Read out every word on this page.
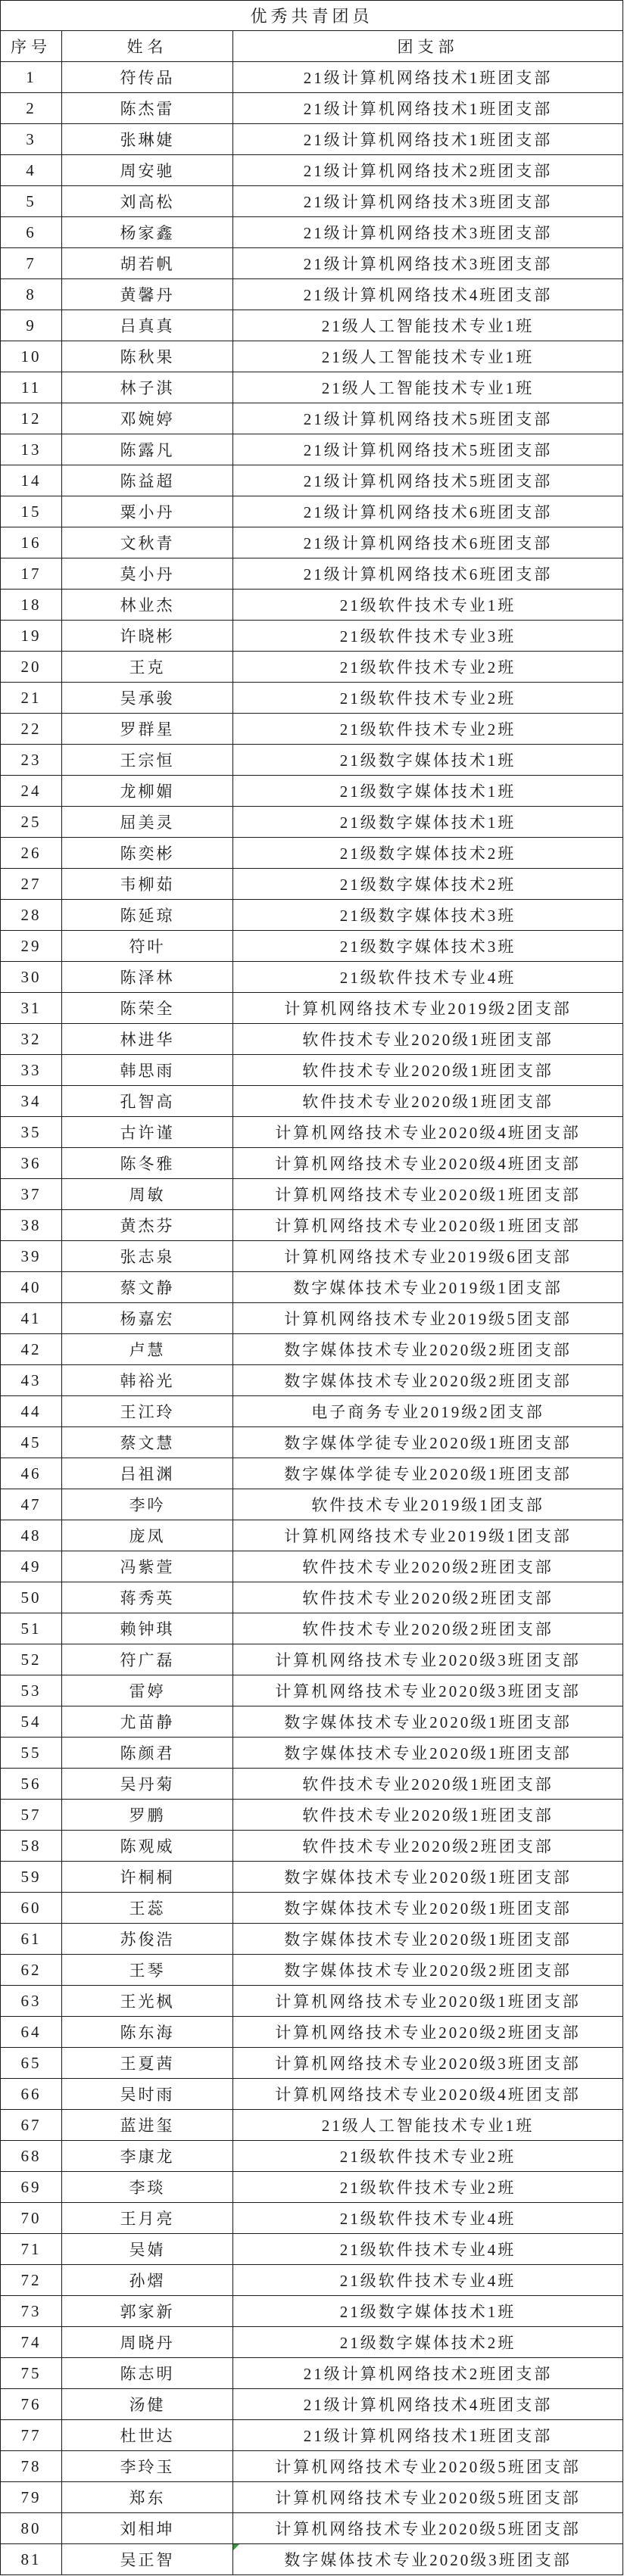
优秀共青团员		
序号	姓名	团支部
1	符传品	21级计算机网络技术1班团支部
2	陈杰雷	21级计算机网络技术1班团支部
3	张琳婕	21级计算机网络技术1班团支部
4	周安驰	21级计算机网络技术2班团支部
5	刘高松	21级计算机网络技术3班团支部
6	杨家鑫	21级计算机网络技术3班团支部
7	胡若帆	21级计算机网络技术3班团支部
8	黄馨丹	21级计算机网络技术4班团支部
9	吕真真	21级人工智能技术专业1班
10	陈秋果	21级人工智能技术专业1班
11	林子淇	21级人工智能技术专业1班
12	邓婉婷	21级计算机网络技术5班团支部
13	陈露凡	21级计算机网络技术5班团支部
14	陈益超	21级计算机网络技术5班团支部
15	粟小丹	21级计算机网络技术6班团支部
16	文秋青	21级计算机网络技术6班团支部
17	莫小丹	21级计算机网络技术6班团支部
18	林业杰	21级软件技术专业1班
19	许晓彬	21级软件技术专业3班
20	王克	21级软件技术专业2班
21	吴承骏	21级软件技术专业2班
22	罗群星	21级软件技术专业2班
23	王宗恒	21级数字媒体技术1班
24	龙柳媚	21级数字媒体技术1班
25	屈美灵	21级数字媒体技术1班
26	陈奕彬	21级数字媒体技术2班
27	韦柳茹	21级数字媒体技术2班
28	陈延琼	21级数字媒体技术3班
29	符叶	21级数字媒体技术3班
30	陈泽林	21级软件技术专业4班
31	陈荣全	计算机网络技术专业2019级2团支部
32	林进华	软件技术专业2020级1班团支部
33	韩思雨	软件技术专业2020级1班团支部
34	孔智高	软件技术专业2020级1班团支部
35	古许谨	计算机网络技术专业2020级4班团支部
36	陈冬雅	计算机网络技术专业2020级4班团支部
37	周敏	计算机网络技术专业2020级1班团支部
38	黄杰芬	计算机网络技术专业2020级1班团支部
39	张志泉	计算机网络技术专业2019级6团支部
40	蔡文静	数字媒体技术专业2019级1团支部
41	杨嘉宏	计算机网络技术专业2019级5团支部
42	卢慧	数字媒体技术专业2020级2班团支部
43	韩裕光	数字媒体技术专业2020级2班团支部
44	王江玲	电子商务专业2019级2团支部
45	蔡文慧	数字媒体学徒专业2020级1班团支部
46	吕祖渊	数字媒体学徒专业2020级1班团支部
47	李吟	软件技术专业2019级1团支部
48	庞凤	计算机网络技术专业2019级1团支部
49	冯紫萱	软件技术专业2020级2班团支部
50	蒋秀英	软件技术专业2020级2班团支部
51	赖钟琪	软件技术专业2020级2班团支部
52	符广磊	计算机网络技术专业2020级3班团支部
53	雷婷	计算机网络技术专业2020级3班团支部
54	尤苗静	数字媒体技术专业2020级1班团支部
55	陈颜君	数字媒体技术专业2020级1班团支部
56	吴丹菊	软件技术专业2020级1班团支部
57	罗鹏	软件技术专业2020级1班团支部
58	陈观威	软件技术专业2020级2班团支部
59	许桐桐	数字媒体技术专业2020级1班团支部
60	王蕊	数字媒体技术专业2020级1班团支部
61	苏俊浩	数字媒体技术专业2020级1班团支部
62	王琴	数字媒体技术专业2020级2班团支部
63	王光枫	计算机网络技术专业2020级1班团支部
64	陈东海	计算机网络技术专业2020级2班团支部
65	王夏茜	计算机网络技术专业2020级3班团支部
66	吴时雨	计算机网络技术专业2020级4班团支部
67	蓝进玺	21级人工智能技术专业1班
68	李康龙	21级软件技术专业2班
69	李琰	21级软件技术专业2班
70	王月亮	21级软件技术专业4班
71	吴婧	21级软件技术专业4班
72	孙熠	21级软件技术专业4班
73	郭家新	21级数字媒体技术1班
74	周晓丹	21级数字媒体技术2班
75	陈志明	21级计算机网络技术2班团支部
76	汤健	21级计算机网络技术4班团支部
77	杜世达	21级计算机网络技术1班团支部
78	李玲玉	计算机网络技术专业2020级5班团支部
79	郑东	计算机网络技术专业2020级5班团支部
80	刘相坤	计算机网络技术专业2020级5班团支部
81	吴正智	数字媒体技术专业2020级3班团支部
